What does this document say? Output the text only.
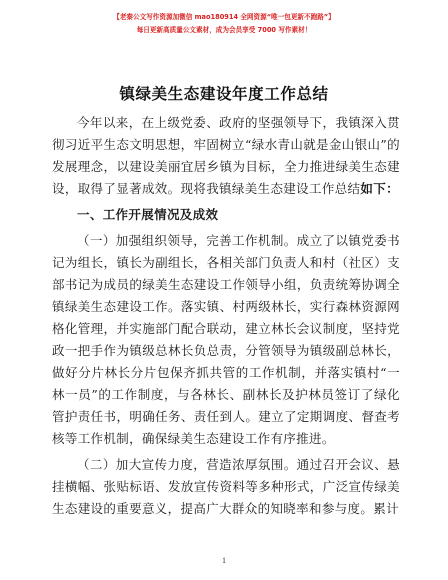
【老秦公文写作资源加微信 mao180914 全网资源“唯一包更新不跑路”】
每日更新高质量公文素材，成为会员享受 7000 写作素材！
镇绿美生态建设年度工作总结

今年以来，在上级党委、政府的坚强领导下，我镇深入贯彻习近平生态文明思想，牢固树立“绿水青山就是金山银山”的发展理念，以建设美丽宜居乡镇为目标，全力推进绿美生态建设，取得了显著成效。现将我镇绿美生态建设工作总结如下：

一、工作开展情况及成效

（一）加强组织领导，完善工作机制。成立了以镇党委书记为组长，镇长为副组长，各相关部门负责人和村（社区）支部书记为成员的绿美生态建设工作领导小组，负责统筹协调全镇绿美生态建设工作。落实镇、村两级林长，实行森林资源网格化管理，并实施部门配合联动，建立林长会议制度，坚持党政一把手作为镇级总林长负总责，分管领导为镇级副总林长，做好分片林长分片包保齐抓共管的工作机制，并落实镇村“一林一员”的工作制度，与各林长、副林长及护林员签订了绿化管护责任书，明确任务、责任到人。建立了定期调度、督查考核等工作机制，确保绿美生态建设工作有序推进。

（二）加大宣传力度，营造浓厚氛围。通过召开会议、悬挂横幅、张贴标语、发放宣传资料等多种形式，广泛宣传绿美生态建设的重要意义，提高广大群众的知晓率和参与度。累计

1
